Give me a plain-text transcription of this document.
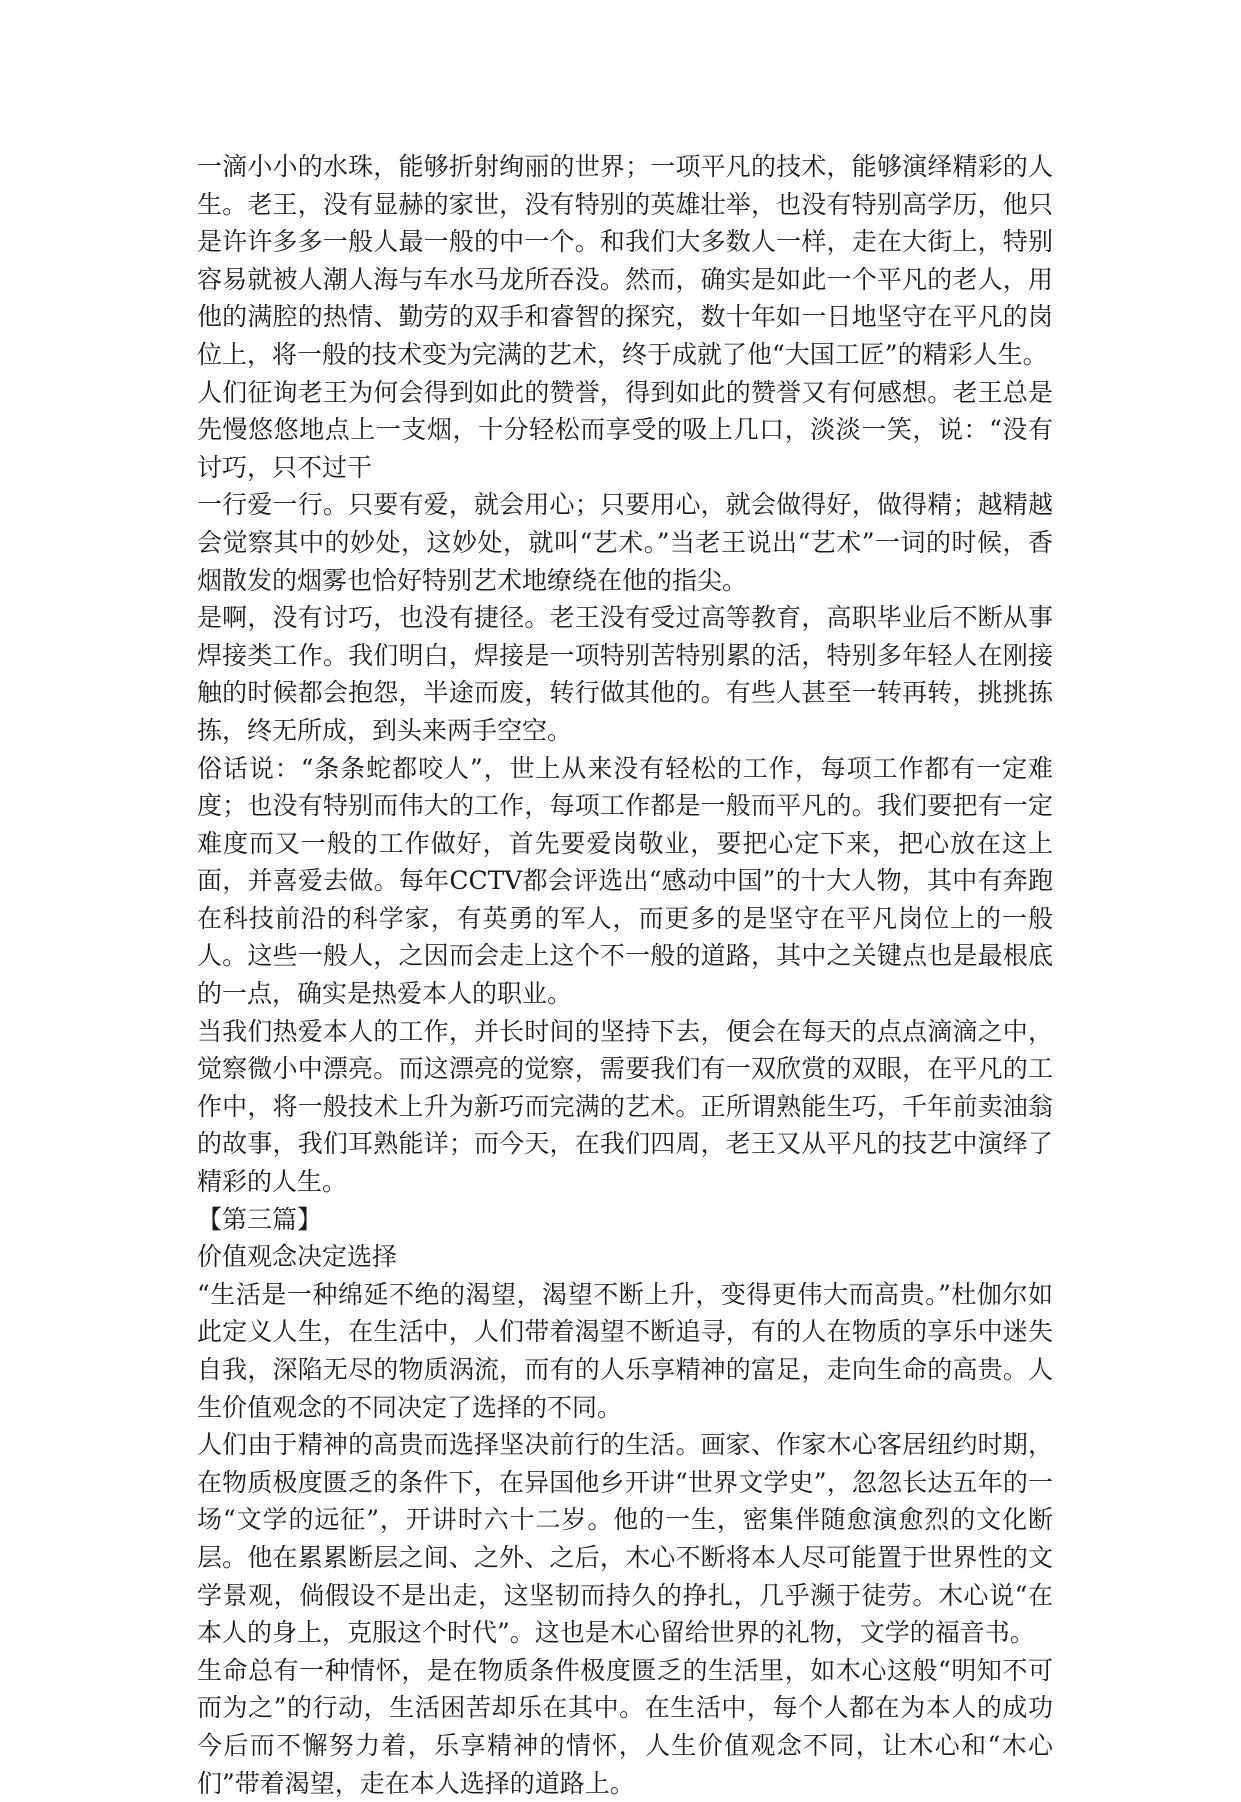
一滴小小的水珠，能够折射绚丽的世界；一项平凡的技术，能够演绎精彩的人生。老王，没有显赫的家世，没有特别的英雄壮举，也没有特别高学历，他只是许许多多一般人最一般的中一个。和我们大多数人一样，走在大街上，特别容易就被人潮人海与车水马龙所吞没。然而，确实是如此一个平凡的老人，用他的满腔的热情、勤劳的双手和睿智的探究，数十年如一日地坚守在平凡的岗位上，将一般的技术变为完满的艺术，终于成就了他“大国工匠”的精彩人生。

人们征询老王为何会得到如此的赞誉，得到如此的赞誉又有何感想。老王总是先慢悠悠地点上一支烟，十分轻松而享受的吸上几口，淡淡一笑，说：“没有讨巧，只不过干

一行爱一行。只要有爱，就会用心；只要用心，就会做得好，做得精；越精越会觉察其中的妙处，这妙处，就叫“艺术。”当老王说出“艺术”一词的时候，香烟散发的烟雾也恰好特别艺术地缭绕在他的指尖。

是啊，没有讨巧，也没有捷径。老王没有受过高等教育，高职毕业后不断从事焊接类工作。我们明白，焊接是一项特别苦特别累的活，特别多年轻人在刚接触的时候都会抱怨，半途而废，转行做其他的。有些人甚至一转再转，挑挑拣拣，终无所成，到头来两手空空。

俗话说：“条条蛇都咬人”，世上从来没有轻松的工作，每项工作都有一定难度；也没有特别而伟大的工作，每项工作都是一般而平凡的。我们要把有一定难度而又一般的工作做好，首先要爱岗敬业，要把心定下来，把心放在这上面，并喜爱去做。每年CCTV都会评选出“感动中国”的十大人物，其中有奔跑在科技前沿的科学家，有英勇的军人，而更多的是坚守在平凡岗位上的一般人。这些一般人，之因而会走上这个不一般的道路，其中之关键点也是最根底的一点，确实是热爱本人的职业。

当我们热爱本人的工作，并长时间的坚持下去，便会在每天的点点滴滴之中，觉察微小中漂亮。而这漂亮的觉察，需要我们有一双欣赏的双眼，在平凡的工作中，将一般技术上升为新巧而完满的艺术。正所谓熟能生巧，千年前卖油翁的故事，我们耳熟能详；而今天，在我们四周，老王又从平凡的技艺中演绎了精彩的人生。

【第三篇】

价值观念决定选择

“生活是一种绵延不绝的渴望，渴望不断上升，变得更伟大而高贵。”杜伽尔如此定义人生，在生活中，人们带着渴望不断追寻，有的人在物质的享乐中迷失自我，深陷无尽的物质涡流，而有的人乐享精神的富足，走向生命的高贵。人生价值观念的不同决定了选择的不同。

人们由于精神的高贵而选择坚决前行的生活。画家、作家木心客居纽约时期，在物质极度匮乏的条件下，在异国他乡开讲“世界文学史”，忽忽长达五年的一场“文学的远征”，开讲时六十二岁。他的一生，密集伴随愈演愈烈的文化断层。他在累累断层之间、之外、之后，木心不断将本人尽可能置于世界性的文学景观，倘假设不是出走，这坚韧而持久的挣扎，几乎濒于徒劳。木心说“在本人的身上，克服这个时代”。这也是木心留给世界的礼物，文学的福音书。

生命总有一种情怀，是在物质条件极度匮乏的生活里，如木心这般“明知不可而为之”的行动，生活困苦却乐在其中。在生活中，每个人都在为本人的成功今后而不懈努力着，乐享精神的情怀，人生价值观念不同，让木心和“木心们”带着渴望，走在本人选择的道路上。
